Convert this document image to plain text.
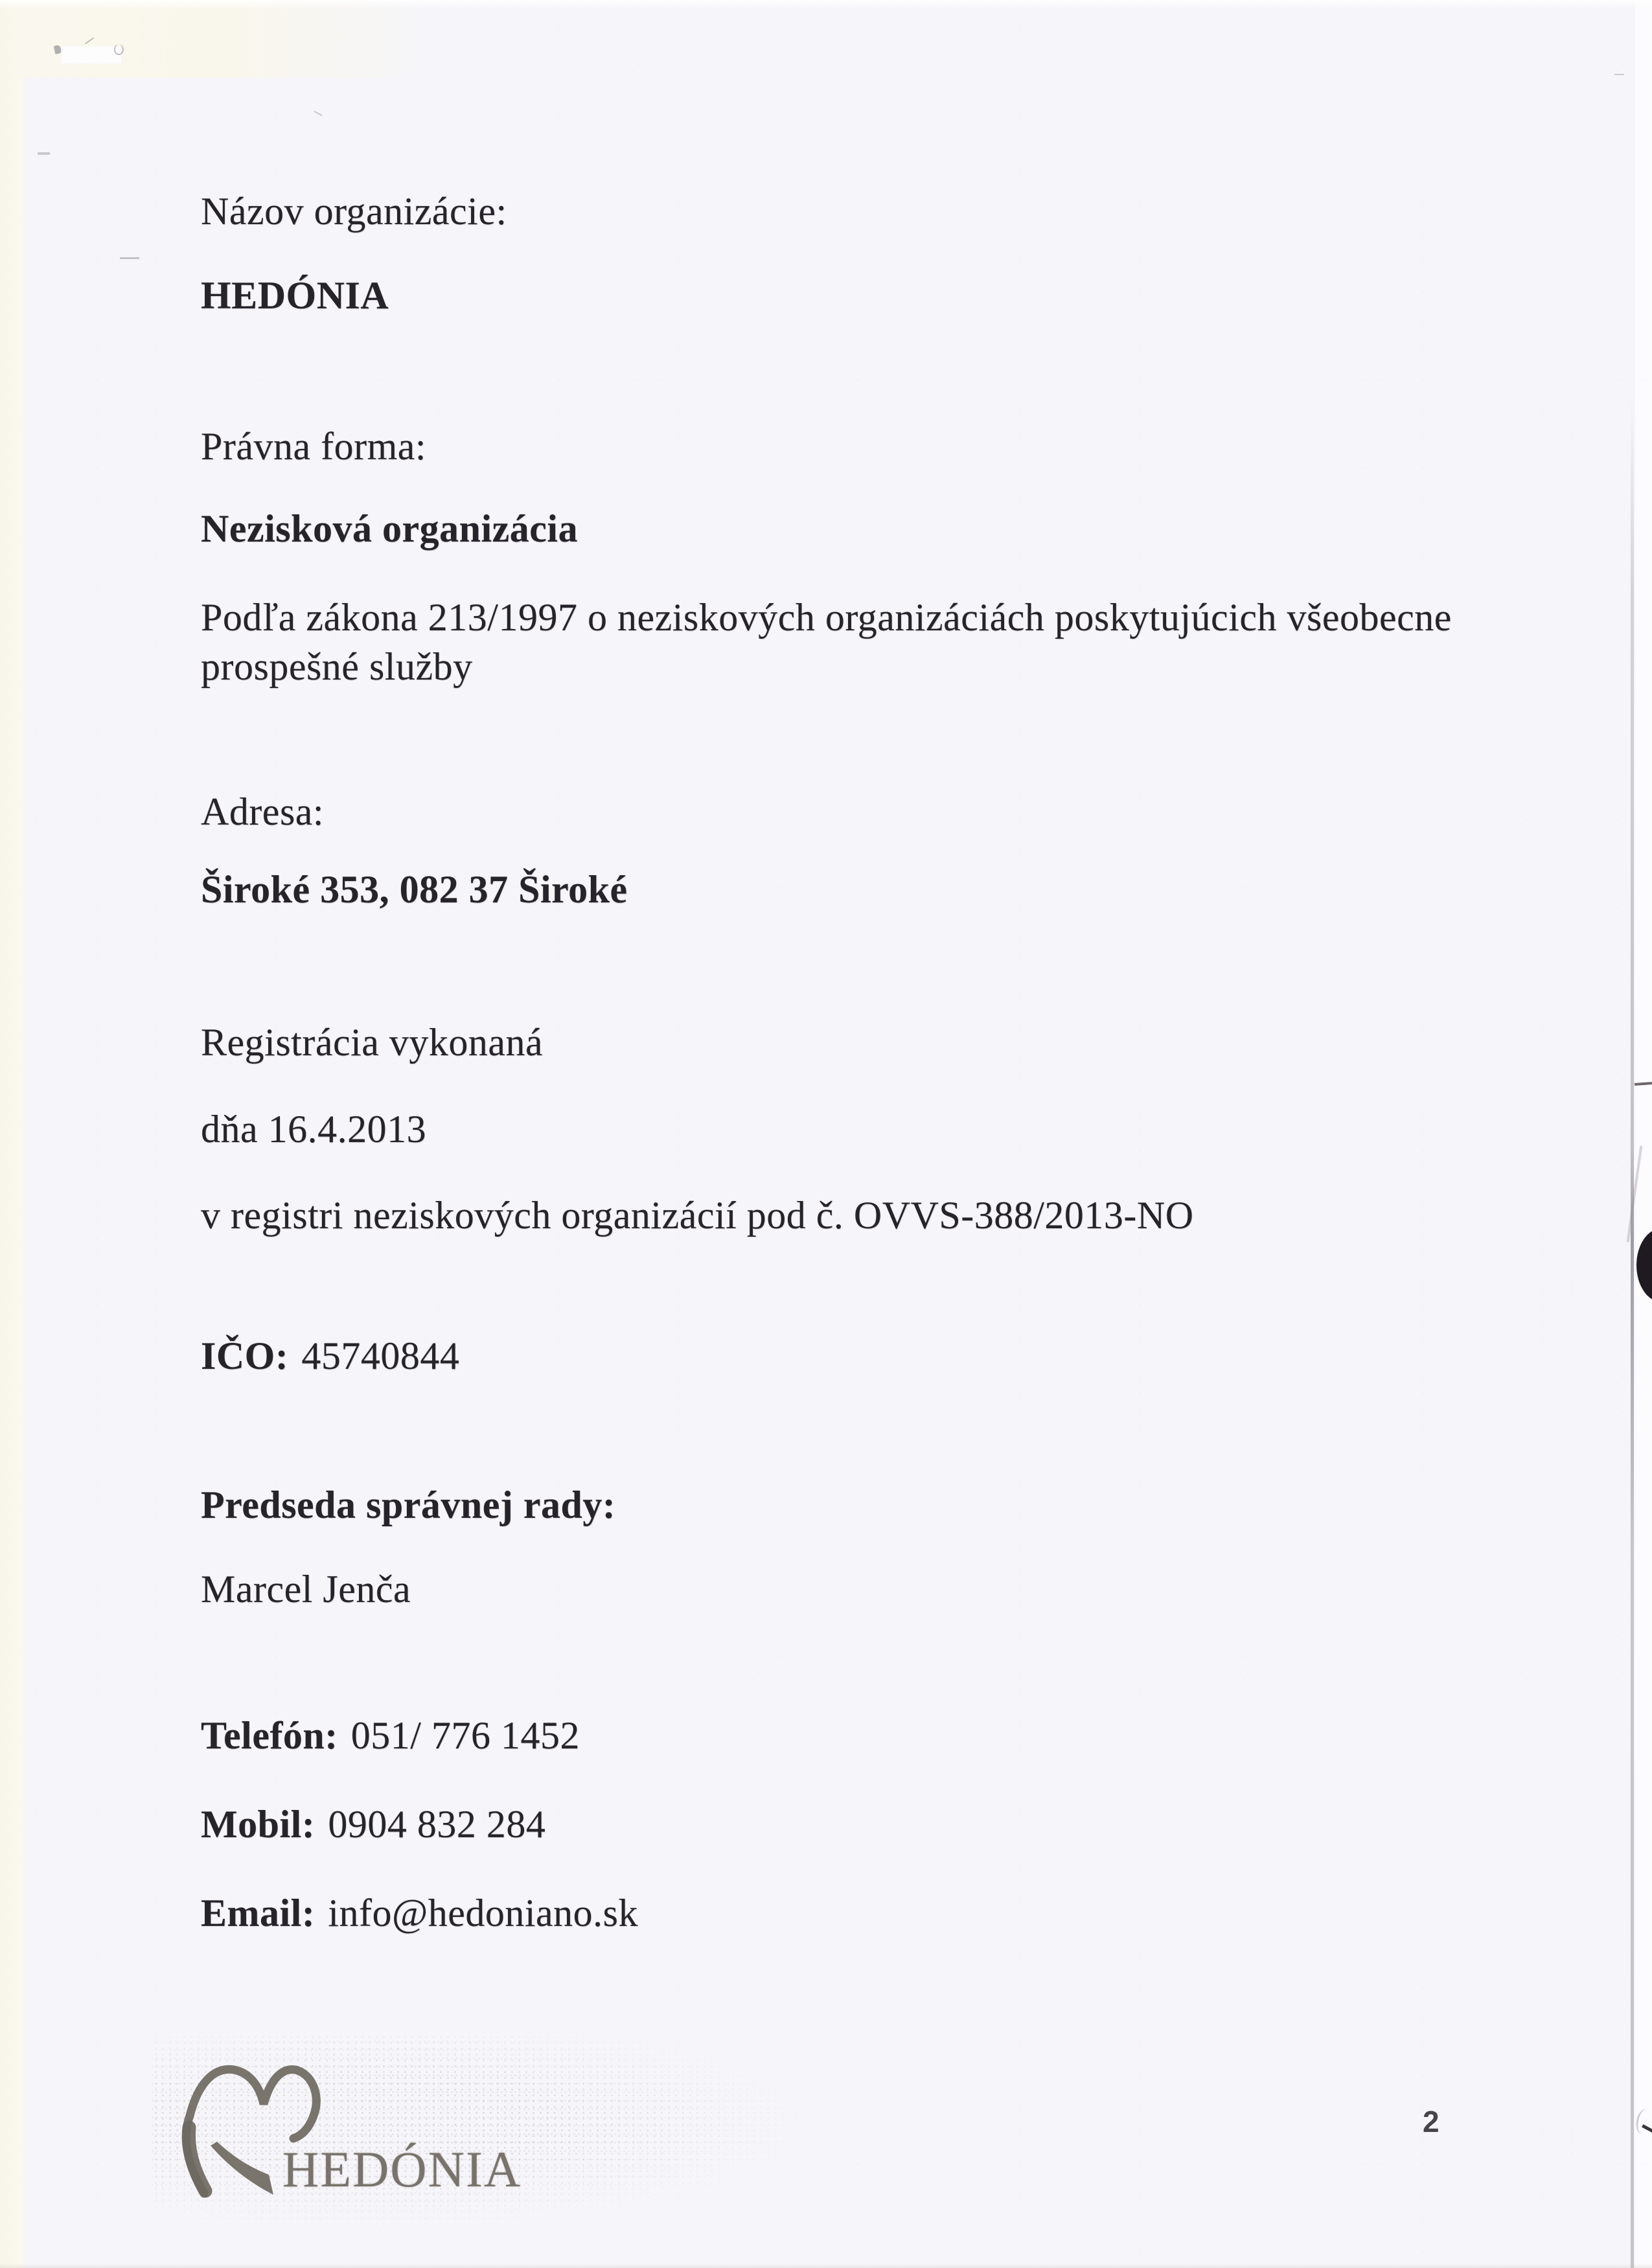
Názov organizácie:
HEDÓNIA
Právna forma:
Nezisková organizácia
Podľa zákona 213/1997 o neziskových organizáciách poskytujúcich všeobecne
prospešné služby
Adresa:
Široké 353, 082 37 Široké
Registrácia vykonaná
dňa 16.4.2013
v registri neziskových organizácií pod č. OVVS-388/2013-NO
IČO: 45740844
Predseda správnej rady:
Marcel Jenča
Telefón: 051/ 776 1452
Mobil: 0904 832 284
Email: info@hedoniano.sk
HEDÓNIA
2
